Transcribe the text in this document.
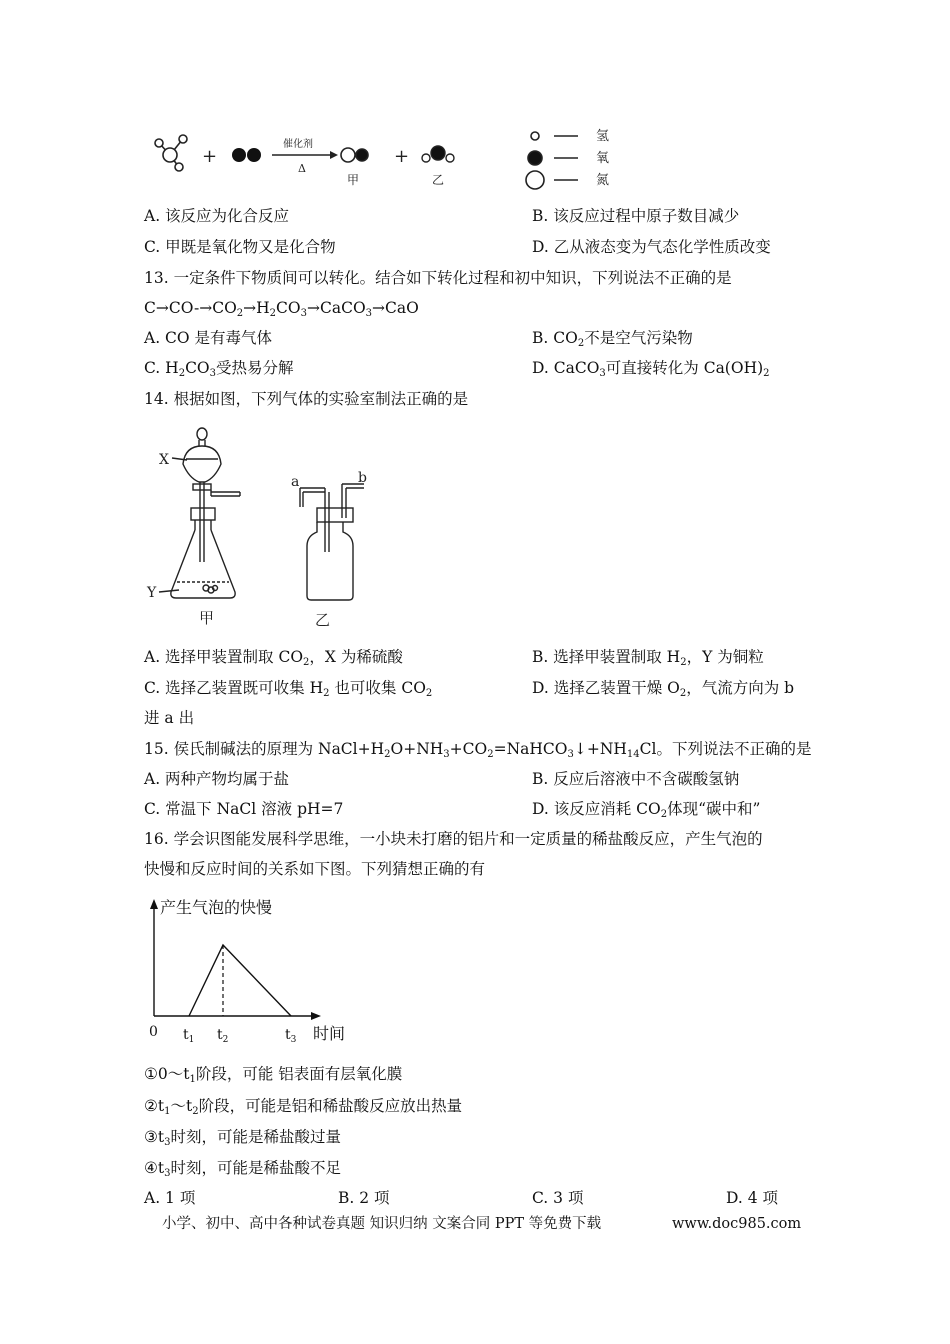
+
催化剂
Δ
甲
+
乙
氢
氧
氮
A. 该反应为化合反应	B. 该反应过程中原子数目减少
C. 甲既是氧化物又是化合物	D. 乙从液态变为气态化学性质改变
13. 一定条件下物质间可以转化。结合如下转化过程和初中知识，下列说法不正确的是
$C\to CO-\to CO_2\to H_2CO_3\to CaCO_3\to CaO$
A. CO 是有毒气体	B. $CO_2$不是空气污染物
C. $H_2CO_3$受热易分解	D. CaCO$_3$可直接转化为 $Ca(OH)_2$
14. 根据如图，下列气体的实验室制法正确的是
X
Y
a	b
甲	乙
A. 选择甲装置制取 $CO_2$，X 为稀硫酸	B. 选择甲装置制取 $H_2$，Y 为铜粒
C. 选择乙装置既可收集 $H_2$ 也可收集 $CO_2$	D. 选择乙装置干燥 $O_2$，气流方向为 b
进 a 出
15. 侯氏制碱法的原理为 $NaCl+H_2O+NH_3+CO_2=NaHCO_3↓+NH_{14}Cl$。下列说法不正确的是
A. 两种产物均属于盐	B. 反应后溶液中不含碳酸氢钠
C. 常温下 NaCl 溶液 pH=7	D. 该反应消耗 $CO_2$体现“碳中和”
16. 学会识图能发展科学思维，一小块未打磨的铝片和一定质量的稀盐酸反应，产生气泡的
快慢和反应时间的关系如下图。下列猜想正确的有
产生气泡的快慢
时间
0 $t_1$ $t_2$	$t_3$
$①0\sim t_1$阶段，可能 铝表面有层氧化膜
$②t_1\sim t_2$阶段，可能是铝和稀盐酸反应放出热量
$③t_3$时刻，可能是稀盐酸过量
$④t_3$时刻，可能是稀盐酸不足
A. 1 项	B. 2 项	C. 3 项	D. 4 项
小学、初中、高中各种试卷真题 知识归纳 文案合同 PPT 等免费下载	www.doc985.com
